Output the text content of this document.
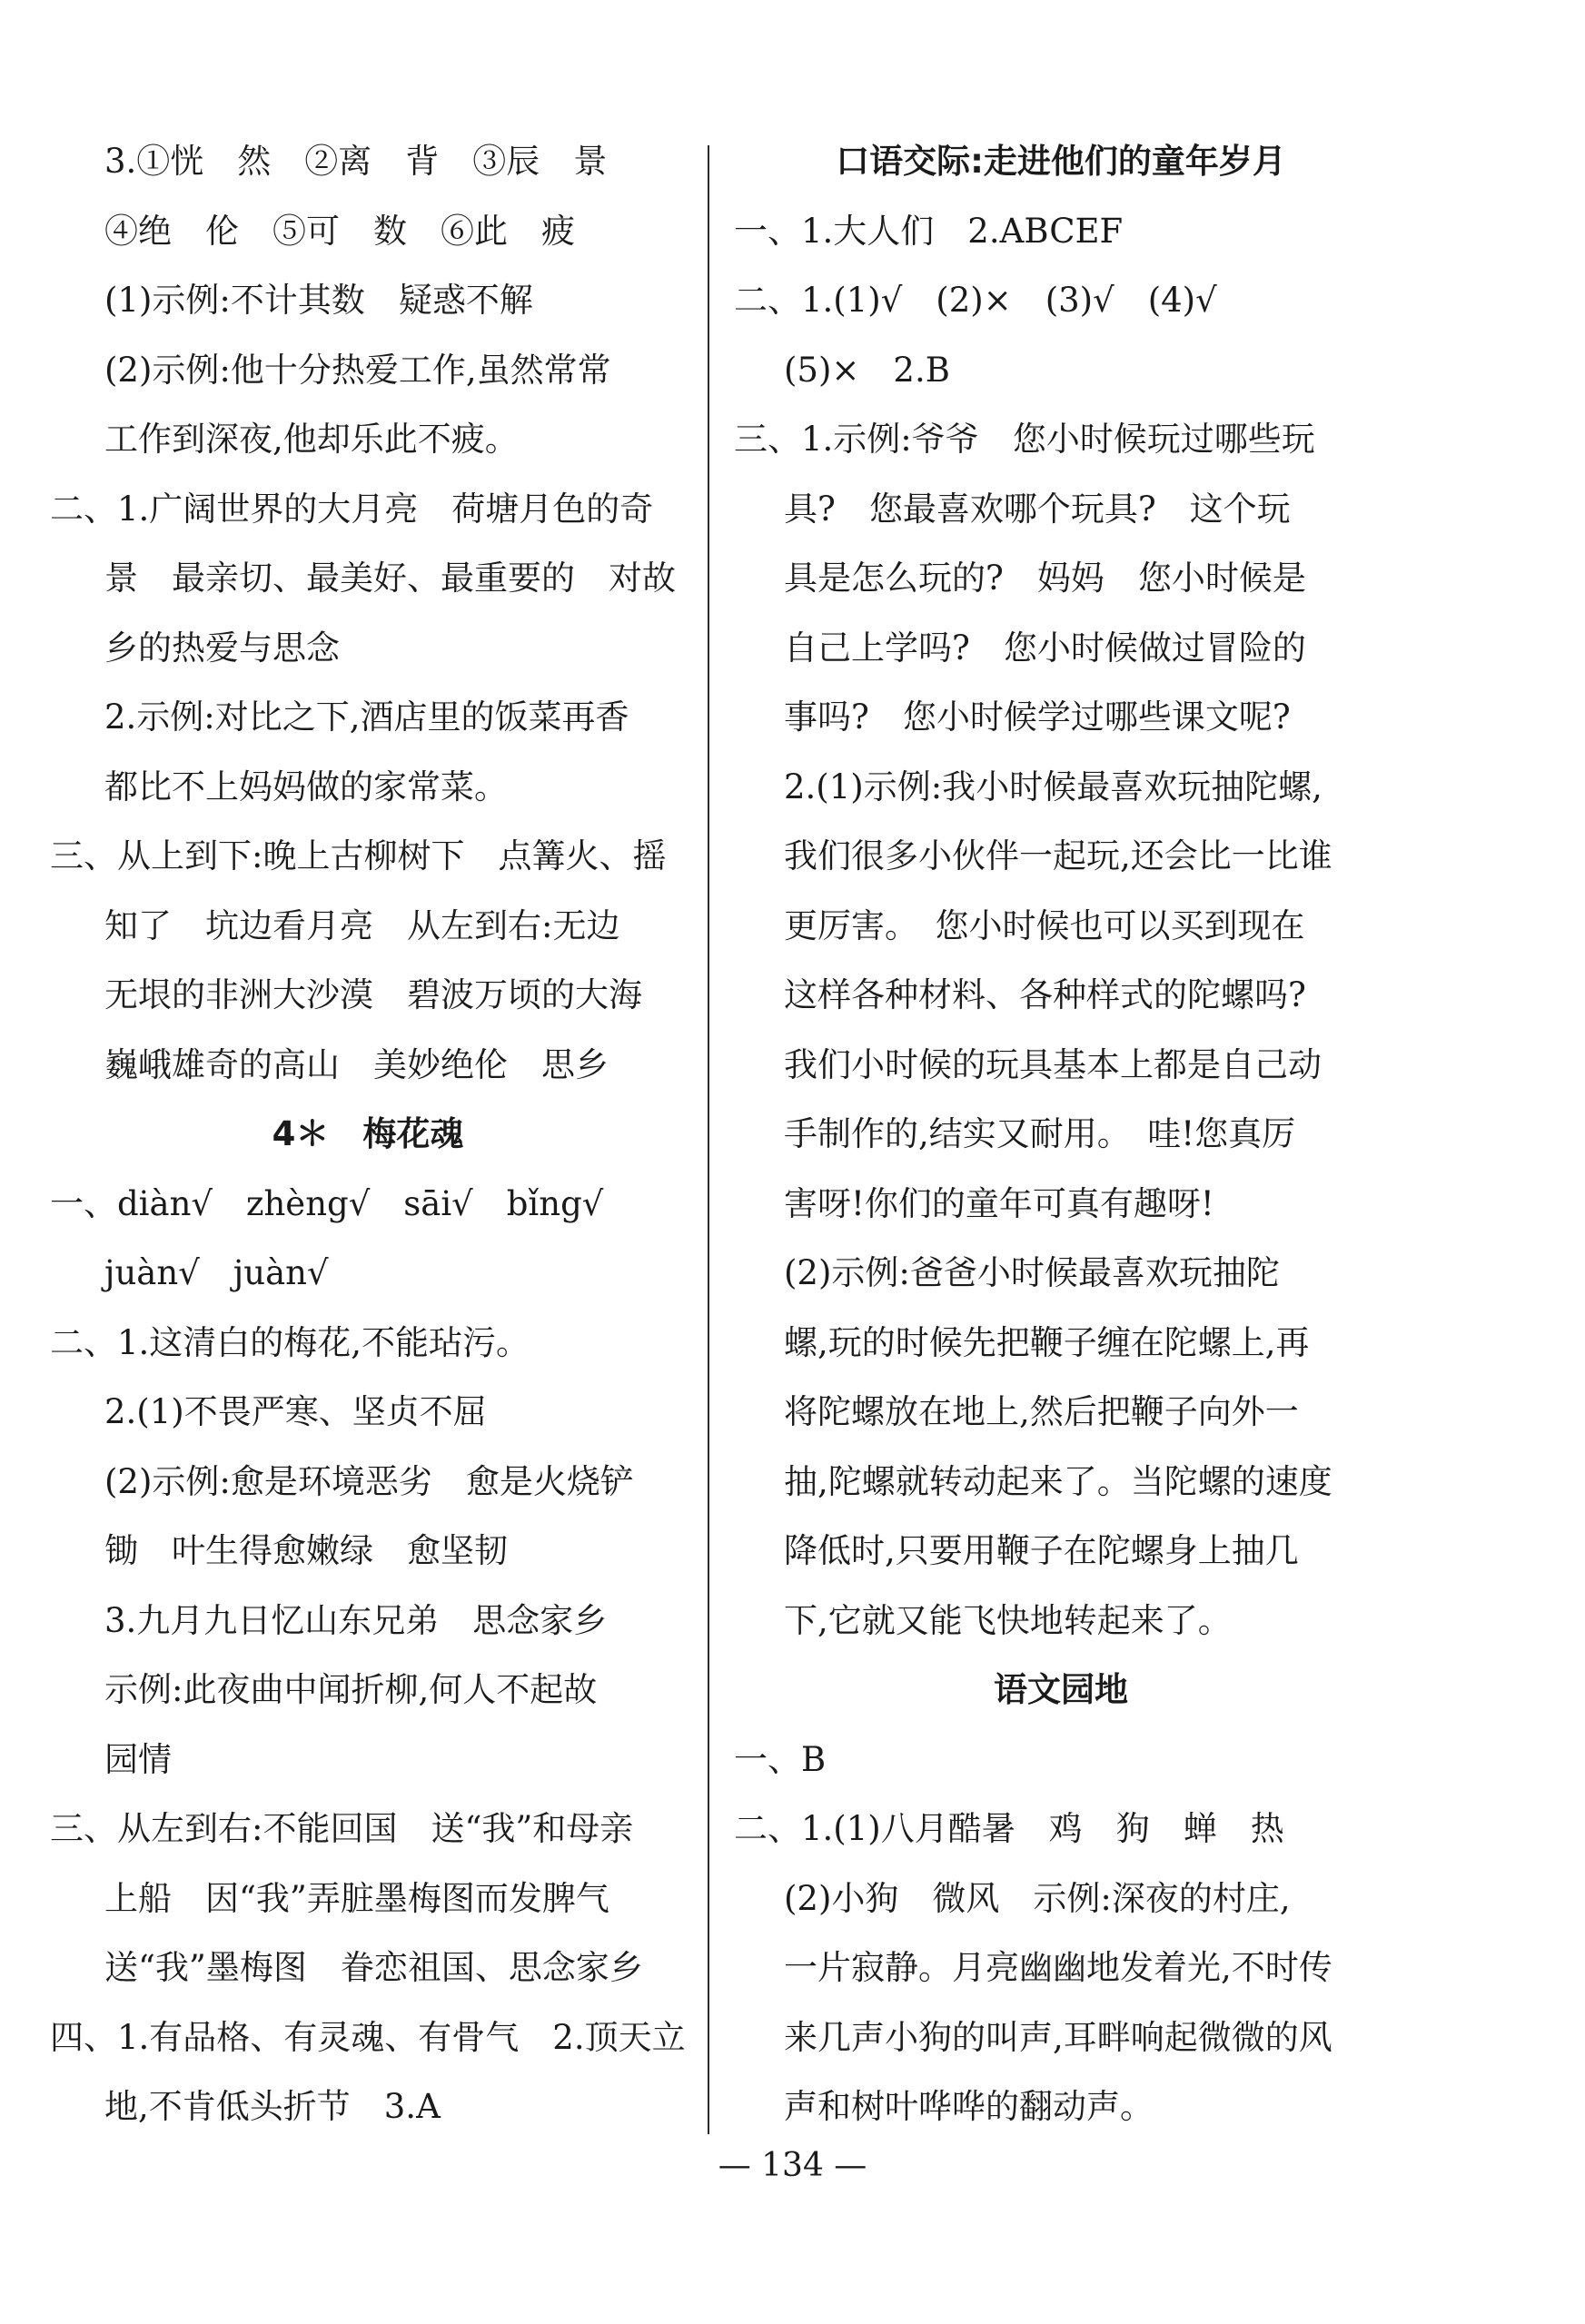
3.①恍　然　②离　背　③辰　景
④绝　伦　⑤可　数　⑥此　疲
(1)示例:不计其数　疑惑不解
(2)示例:他十分热爱工作,虽然常常
工作到深夜,他却乐此不疲。
二、1.广阔世界的大月亮　荷塘月色的奇
景　最亲切、最美好、最重要的　对故
乡的热爱与思念
2.示例:对比之下,酒店里的饭菜再香
都比不上妈妈做的家常菜。
三、从上到下:晚上古柳树下　点篝火、摇
知了　坑边看月亮　从左到右:无边
无垠的非洲大沙漠　碧波万顷的大海
巍峨雄奇的高山　美妙绝伦　思乡
4＊　梅花魂
一、diàn√　zhèng√　sāi√　bǐng√
juàn√　juàn√
二、1.这清白的梅花,不能玷污。
2.(1)不畏严寒、坚贞不屈
(2)示例:愈是环境恶劣　愈是火烧铲
锄　叶生得愈嫩绿　愈坚韧
3.九月九日忆山东兄弟　思念家乡
示例:此夜曲中闻折柳,何人不起故
园情
三、从左到右:不能回国　送“我”和母亲
上船　因“我”弄脏墨梅图而发脾气
送“我”墨梅图　眷恋祖国、思念家乡
四、1.有品格、有灵魂、有骨气　2.顶天立
地,不肯低头折节　3.A
口语交际:走进他们的童年岁月
一、1.大人们　2.ABCEF
二、1.(1)√　(2)×　(3)√　(4)√
(5)×　2.B
三、1.示例:爷爷　您小时候玩过哪些玩
具?　您最喜欢哪个玩具?　这个玩
具是怎么玩的?　妈妈　您小时候是
自己上学吗?　您小时候做过冒险的
事吗?　您小时候学过哪些课文呢?
2.(1)示例:我小时候最喜欢玩抽陀螺,
我们很多小伙伴一起玩,还会比一比谁
更厉害。　您小时候也可以买到现在
这样各种材料、各种样式的陀螺吗?
我们小时候的玩具基本上都是自己动
手制作的,结实又耐用。　哇!您真厉
害呀!你们的童年可真有趣呀!
(2)示例:爸爸小时候最喜欢玩抽陀
螺,玩的时候先把鞭子缠在陀螺上,再
将陀螺放在地上,然后把鞭子向外一
抽,陀螺就转动起来了。当陀螺的速度
降低时,只要用鞭子在陀螺身上抽几
下,它就又能飞快地转起来了。
语文园地
一、B
二、1.(1)八月酷暑　鸡　狗　蝉　热
(2)小狗　微风　示例:深夜的村庄,
一片寂静。月亮幽幽地发着光,不时传
来几声小狗的叫声,耳畔响起微微的风
声和树叶哗哗的翻动声。
— 134 —
